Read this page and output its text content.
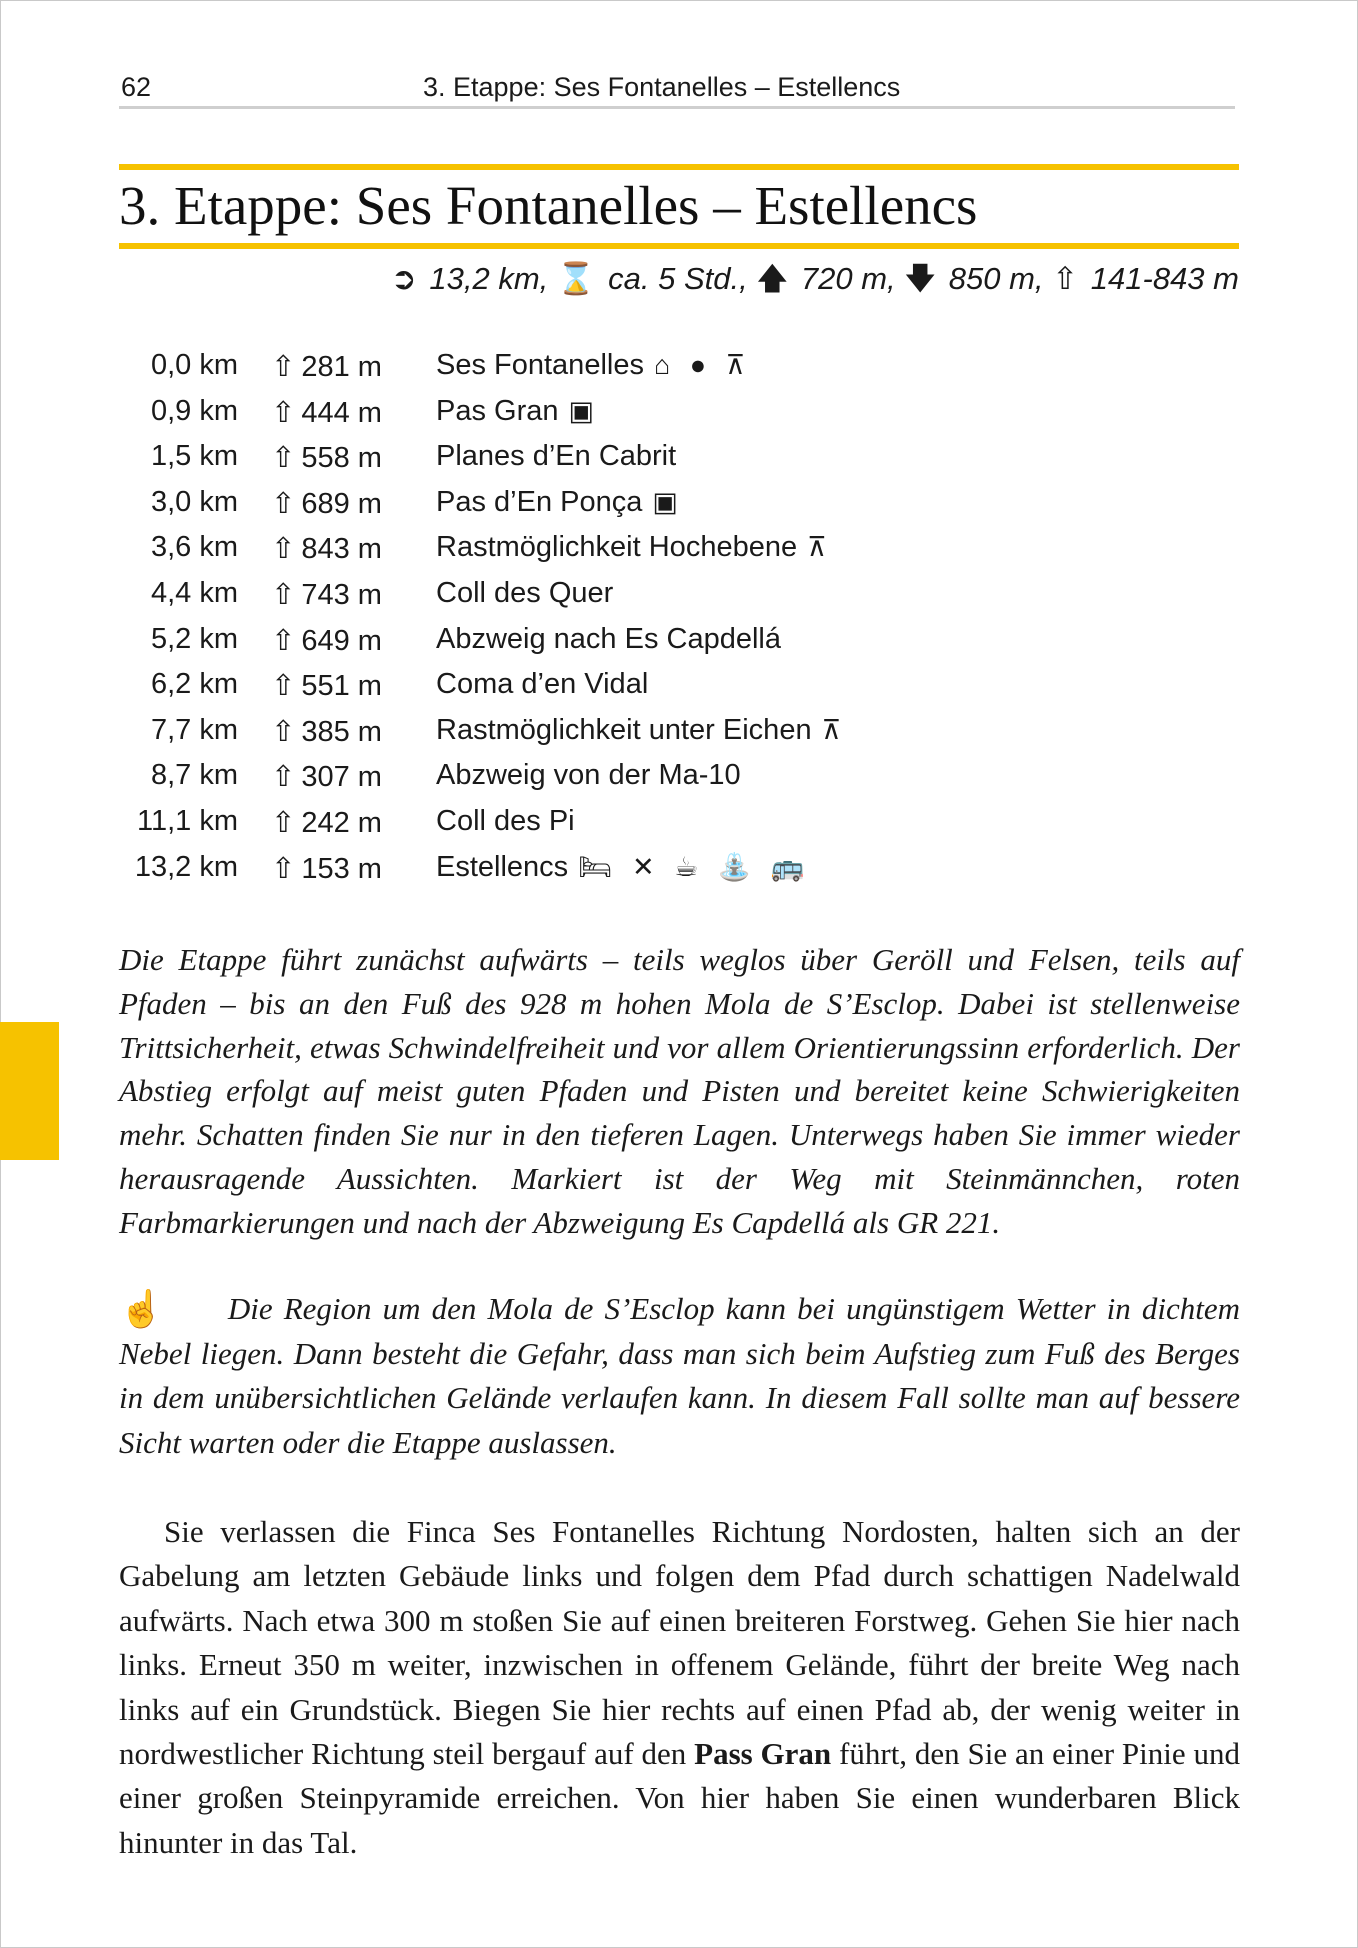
62	3. Etappe: Ses Fontanelles – Estellencs
3. Etappe: Ses Fontanelles – Estellencs
➲ 13,2 km, ⌛ ca. 5 Std., 🡅 720 m, 🡇 850 m, ⇧ 141-843 m
0,0 km ⇧ 281 m Ses Fontanelles ⌂ ● ⊼
0,9 km ⇧ 444 m Pas Gran ▣
1,5 km ⇧ 558 m Planes d’En Cabrit
3,0 km ⇧ 689 m Pas d’En Ponça ▣
3,6 km ⇧ 843 m Rastmöglichkeit Hochebene ⊼
4,4 km ⇧ 743 m Coll des Quer
5,2 km ⇧ 649 m Abzweig nach Es Capdellá
6,2 km ⇧ 551 m Coma d’en Vidal
7,7 km ⇧ 385 m Rastmöglichkeit unter Eichen ⊼
8,7 km ⇧ 307 m Abzweig von der Ma-10
11,1 km ⇧ 242 m Coll des Pi
13,2 km ⇧ 153 m Estellencs 🛏 ✕ ☕ ⛲ 🚌

Die Etappe führt zunächst aufwärts – teils weglos über Geröll und Felsen, teils auf Pfaden – bis an den Fuß des 928 m hohen Mola de S’Esclop. Dabei ist stellenweise Trittsicherheit, etwas Schwindelfreiheit und vor allem Orientierungssinn erforderlich. Der Abstieg erfolgt auf meist guten Pfaden und Pisten und bereitet keine Schwierigkeiten mehr. Schatten finden Sie nur in den tieferen Lagen. Unterwegs haben Sie immer wieder herausragende Aussichten. Markiert ist der Weg mit Steinmännchen, roten Farbmarkierungen und nach der Abzweigung Es Capdellá als GR 221.

☝ Die Region um den Mola de S’Esclop kann bei ungünstigem Wetter in dichtem Nebel liegen. Dann besteht die Gefahr, dass man sich beim Aufstieg zum Fuß des Berges in dem unübersichtlichen Gelände verlaufen kann. In diesem Fall sollte man auf bessere Sicht warten oder die Etappe auslassen.

Sie verlassen die Finca Ses Fontanelles Richtung Nordosten, halten sich an der Gabelung am letzten Gebäude links und folgen dem Pfad durch schattigen Nadelwald aufwärts. Nach etwa 300 m stoßen Sie auf einen breiteren Forstweg. Gehen Sie hier nach links. Erneut 350 m weiter, inzwischen in offenem Gelände, führt der breite Weg nach links auf ein Grundstück. Biegen Sie hier rechts auf einen Pfad ab, der wenig weiter in nordwestlicher Richtung steil bergauf auf den Pass Gran führt, den Sie an einer Pinie und einer großen Steinpyramide erreichen. Von hier haben Sie einen wunderbaren Blick hinunter in das Tal.
